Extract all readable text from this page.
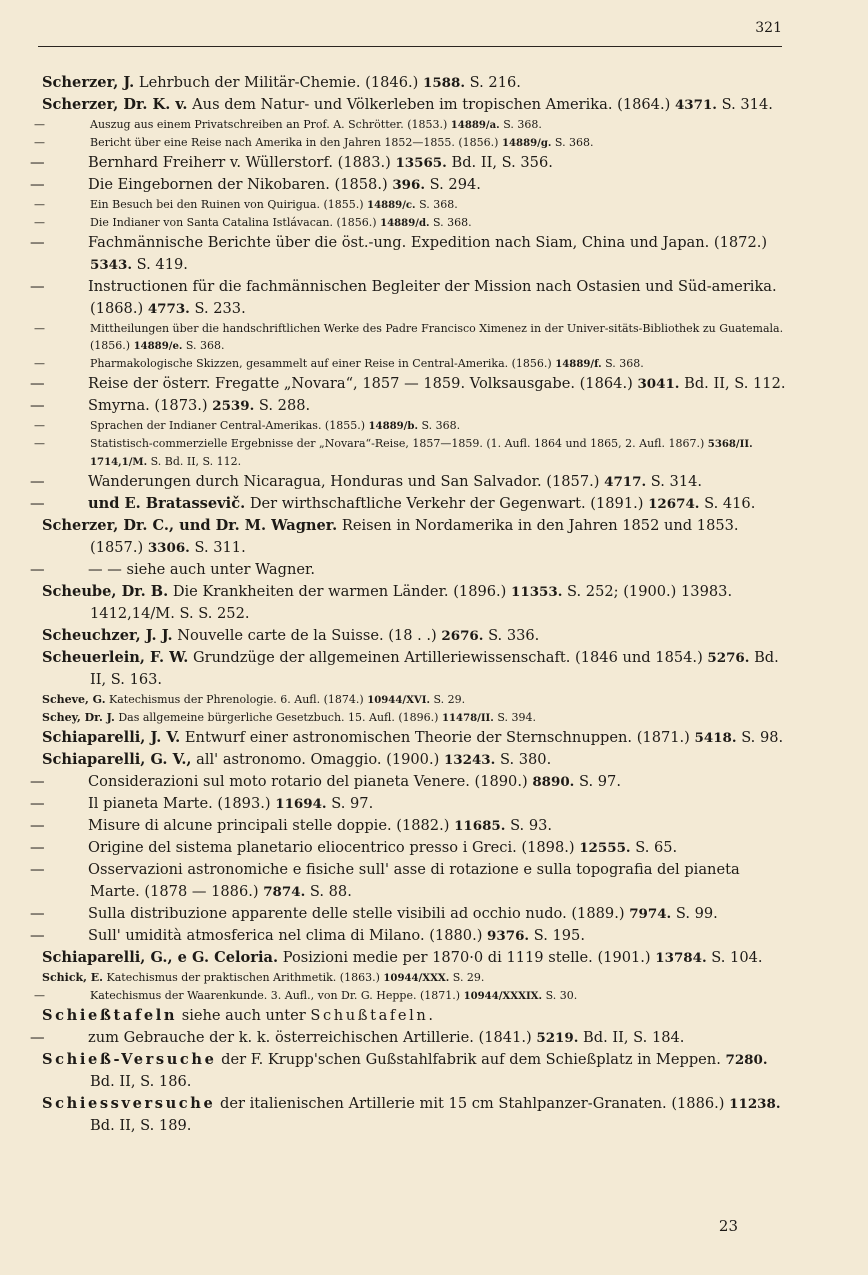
321
Scherzer, J. Lehrbuch der Militär-Chemie. (1846.) 1588. S. 216.
Scherzer, Dr. K. v. Aus dem Natur- und Völkerleben im tropischen Amerika. (1864.) 4371. S. 314.
—	Auszug aus einem Privatschreiben an Prof. A. Schrötter. (1853.) 14889/a. S. 368.
—	Bericht über eine Reise nach Amerika in den Jahren 1852—1855. (1856.) 14889/g. S. 368.
—	Bernhard Freiherr v. Wüllerstorf. (1883.) 13565. Bd. II, S. 356.
—	Die Eingebornen der Nikobaren. (1858.) 396. S. 294.
—	Ein Besuch bei den Ruinen von Quirigua. (1855.) 14889/c. S. 368.
—	Die Indianer von Santa Catalina Istlávacan. (1856.) 14889/d. S. 368.
—	Fachmännische Berichte über die öst.-ung. Expedition nach Siam, China und Japan. (1872.) 5343. S. 419.
—	Instructionen für die fachmännischen Begleiter der Mission nach Ostasien und Süd-amerika. (1868.) 4773. S. 233.
—	Mittheilungen über die handschriftlichen Werke des Padre Francisco Ximenez in der Univer-sitäts-Bibliothek zu Guatemala. (1856.) 14889/e. S. 368.
—	Pharmakologische Skizzen, gesammelt auf einer Reise in Central-Amerika. (1856.) 14889/f. S. 368.
—	Reise der österr. Fregatte „Novara“, 1857 — 1859. Volksausgabe. (1864.) 3041. Bd. II, S. 112.
—	Smyrna. (1873.) 2539. S. 288.
—	Sprachen der Indianer Central-Amerikas. (1855.) 14889/b. S. 368.
—	Statistisch-commerzielle Ergebnisse der „Novara“-Reise, 1857—1859. (1. Aufl. 1864 und 1865, 2. Aufl. 1867.) 5368/II. 1714,1/M. S. Bd. II, S. 112.
—	Wanderungen durch Nicaragua, Honduras und San Salvador. (1857.) 4717. S. 314.
—	und E. Bratassevič. Der wirthschaftliche Verkehr der Gegenwart. (1891.) 12674. S. 416.
Scherzer, Dr. C., und Dr. M. Wagner. Reisen in Nordamerika in den Jahren 1852 und 1853. (1857.) 3306. S. 311.
—	— — siehe auch unter Wagner.
Scheube, Dr. B. Die Krankheiten der warmen Länder. (1896.) 11353. S. 252; (1900.) 13983. 1412,14/M. S. S. 252.
Scheuchzer, J. J. Nouvelle carte de la Suisse. (18 . .) 2676. S. 336.
Scheuerlein, F. W. Grundzüge der allgemeinen Artilleriewissenschaft. (1846 und 1854.) 5276. Bd. II, S. 163.
Scheve, G. Katechismus der Phrenologie. 6. Aufl. (1874.) 10944/XVI. S. 29.
Schey, Dr. J. Das allgemeine bürgerliche Gesetzbuch. 15. Aufl. (1896.) 11478/II. S. 394.
Schiaparelli, J. V. Entwurf einer astronomischen Theorie der Sternschnuppen. (1871.) 5418. S. 98.
Schiaparelli, G. V., all' astronomo. Omaggio. (1900.) 13243. S. 380.
—	Considerazioni sul moto rotario del pianeta Venere. (1890.) 8890. S. 97.
—	Il pianeta Marte. (1893.) 11694. S. 97.
—	Misure di alcune principali stelle doppie. (1882.) 11685. S. 93.
—	Origine del sistema planetario eliocentrico presso i Greci. (1898.) 12555. S. 65.
—	Osservazioni astronomiche e fisiche sull' asse di rotazione e sulla topografia del pianeta Marte. (1878 — 1886.) 7874. S. 88.
—	Sulla distribuzione apparente delle stelle visibili ad occhio nudo. (1889.) 7974. S. 99.
—	Sull' umidità atmosferica nel clima di Milano. (1880.) 9376. S. 195.
Schiaparelli, G., e G. Celoria. Posizioni medie per 1870·0 di 1119 stelle. (1901.) 13784. S. 104.
Schick, E. Katechismus der praktischen Arithmetik. (1863.) 10944/XXX. S. 29.
—	Katechismus der Waarenkunde. 3. Aufl., von Dr. G. Heppe. (1871.) 10944/XXXIX. S. 30.
Schießtafeln siehe auch unter Schußtafeln.
—	zum Gebrauche der k. k. österreichischen Artillerie. (1841.) 5219. Bd. II, S. 184.
Schieß-Versuche der F. Krupp'schen Gußstahlfabrik auf dem Schießplatz in Meppen. 7280. Bd. II, S. 186.
Schiessversuche der italienischen Artillerie mit 15 cm Stahlpanzer-Granaten. (1886.) 11238. Bd. II, S. 189.
23
